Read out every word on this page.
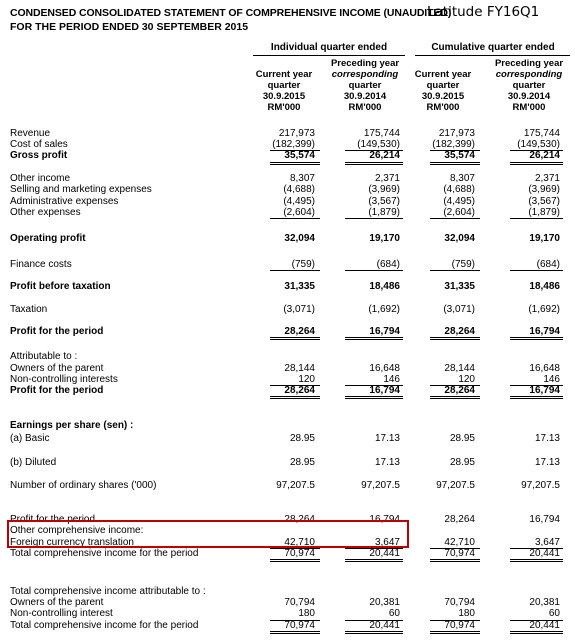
CONDENSED CONSOLIDATED STATEMENT OF COMPREHENSIVE INCOME (UNAUDITED)
Latitude FY16Q1
FOR THE PERIOD ENDED 30 SEPTEMBER 2015
Individual quarter ended	Cumulative quarter ended
Current year
quarter
30.9.2015
RM'000
Preceding year
corresponding
quarter
30.9.2014
RM'000
Current year
quarter
30.9.2015
RM'000
Preceding year
corresponding
quarter
30.9.2014
RM'000
Revenue	217,973	175,744	217,973	175,744
Cost of sales	(182,399)	(149,530)	(182,399)	(149,530)
Gross profit	35,574	26,214	35,574	26,214
Other income	8,307	2,371	8,307	2,371
Selling and marketing expenses	(4,688)	(3,969)	(4,688)	(3,969)
Administrative expenses	(4,495)	(3,567)	(4,495)	(3,567)
Other expenses	(2,604)	(1,879)	(2,604)	(1,879)
Operating profit	32,094	19,170	32,094	19,170
Finance costs	(759)	(684)	(759)	(684)
Profit before taxation	31,335	18,486	31,335	18,486
Taxation	(3,071)	(1,692)	(3,071)	(1,692)
Profit for the period	28,264	16,794	28,264	16,794
Attributable to :
Owners of the parent	28,144	16,648	28,144	16,648
Non-controlling interests	120	146	120	146
Profit for the period	28,264	16,794	28,264	16,794
Earnings per share (sen) :
(a) Basic	28.95	17.13	28.95	17.13
(b) Diluted	28.95	17.13	28.95	17.13
Number of ordinary shares ('000)	97,207.5	97,207.5	97,207.5	97,207.5
Profit for the period	28,264	16,794	28,264	16,794
Other comprehensive income:
Foreign currency translation	42,710	3,647	42,710	3,647
Total comprehensive income for the period	70,974	20,441	70,974	20,441
Total comprehensive income attributable to :
Owners of the parent	70,794	20,381	70,794	20,381
Non-controlling interest	180	60	180	60
Total comprehensive income for the period	70,974	20,441	70,974	20,441
